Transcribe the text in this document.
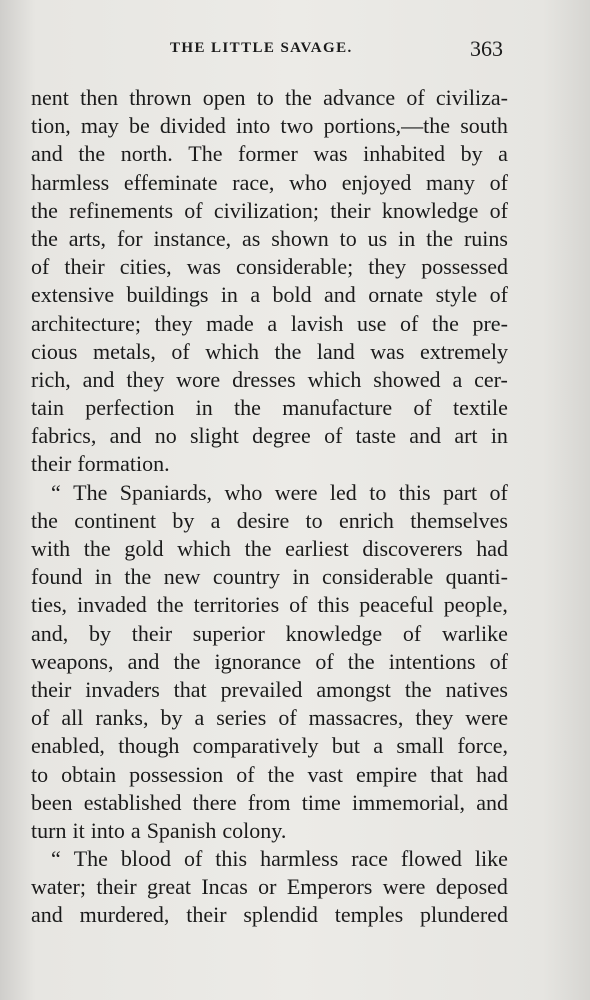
THE LITTLE SAVAGE.	363
nent then thrown open to the advance of civiliza-
tion, may be divided into two portions,—the south
and the north. The former was inhabited by a
harmless effeminate race, who enjoyed many of
the refinements of civilization; their knowledge of
the arts, for instance, as shown to us in the ruins
of their cities, was considerable; they possessed
extensive buildings in a bold and ornate style of
architecture; they made a lavish use of the pre-
cious metals, of which the land was extremely
rich, and they wore dresses which showed a cer-
tain perfection in the manufacture of textile
fabrics, and no slight degree of taste and art in
their formation.
“ The Spaniards, who were led to this part of
the continent by a desire to enrich themselves
with the gold which the earliest discoverers had
found in the new country in considerable quanti-
ties, invaded the territories of this peaceful people,
and, by their superior knowledge of warlike
weapons, and the ignorance of the intentions of
their invaders that prevailed amongst the natives
of all ranks, by a series of massacres, they were
enabled, though comparatively but a small force,
to obtain possession of the vast empire that had
been established there from time immemorial, and
turn it into a Spanish colony.
“ The blood of this harmless race flowed like
water; their great Incas or Emperors were deposed
and murdered, their splendid temples plundered
